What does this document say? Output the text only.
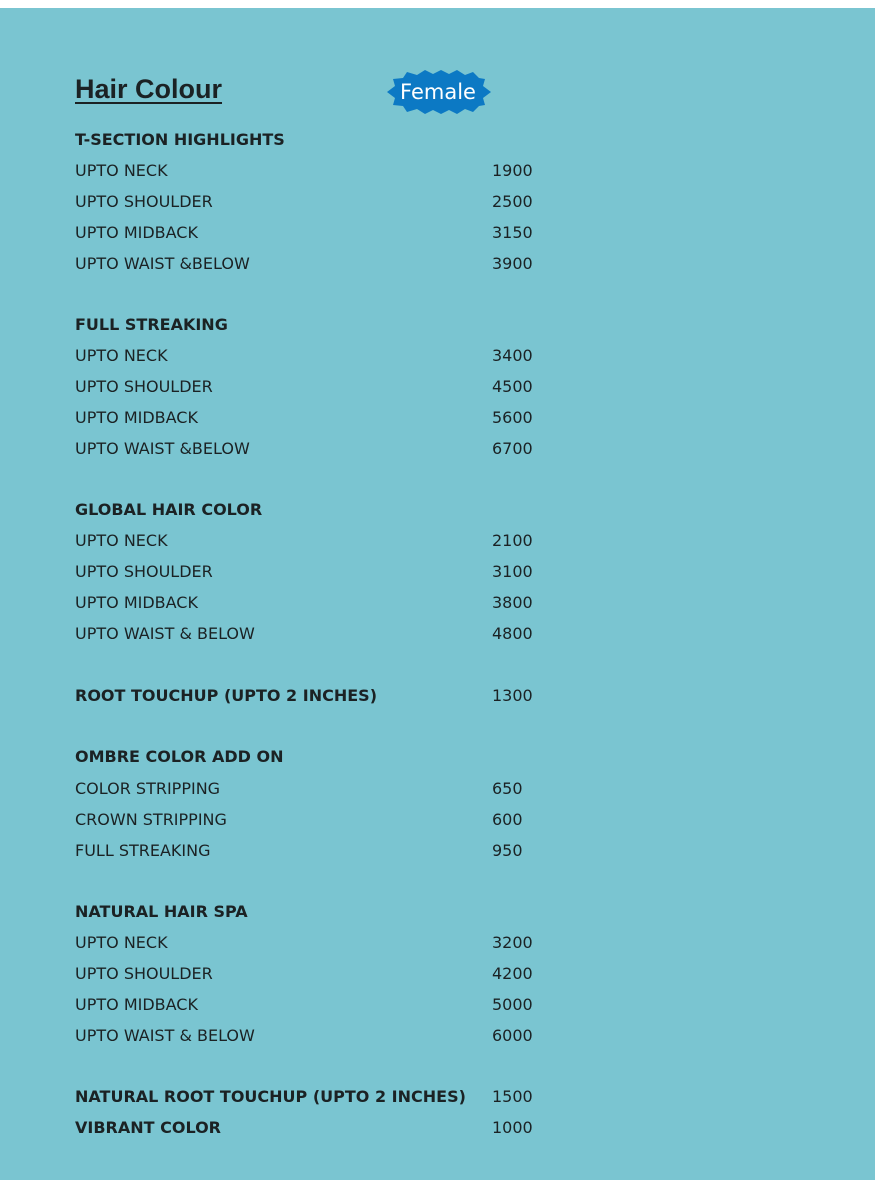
Hair Colour	Female
T-SECTION HIGHLIGHTS
UPTO NECK	1900
UPTO SHOULDER	2500
UPTO MIDBACK	3150
UPTO WAIST &BELOW	3900
FULL STREAKING
UPTO NECK	3400
UPTO SHOULDER	4500
UPTO MIDBACK	5600
UPTO WAIST &BELOW	6700
GLOBAL HAIR COLOR
UPTO NECK	2100
UPTO SHOULDER	3100
UPTO MIDBACK	3800
UPTO WAIST & BELOW	4800
ROOT TOUCHUP (UPTO 2 INCHES)	1300
OMBRE COLOR ADD ON
COLOR STRIPPING	650
CROWN STRIPPING	600
FULL STREAKING	950
NATURAL HAIR SPA
UPTO NECK	3200
UPTO SHOULDER	4200
UPTO MIDBACK	5000
UPTO WAIST & BELOW	6000
NATURAL ROOT TOUCHUP (UPTO 2 INCHES) 1500
VIBRANT COLOR	1000
